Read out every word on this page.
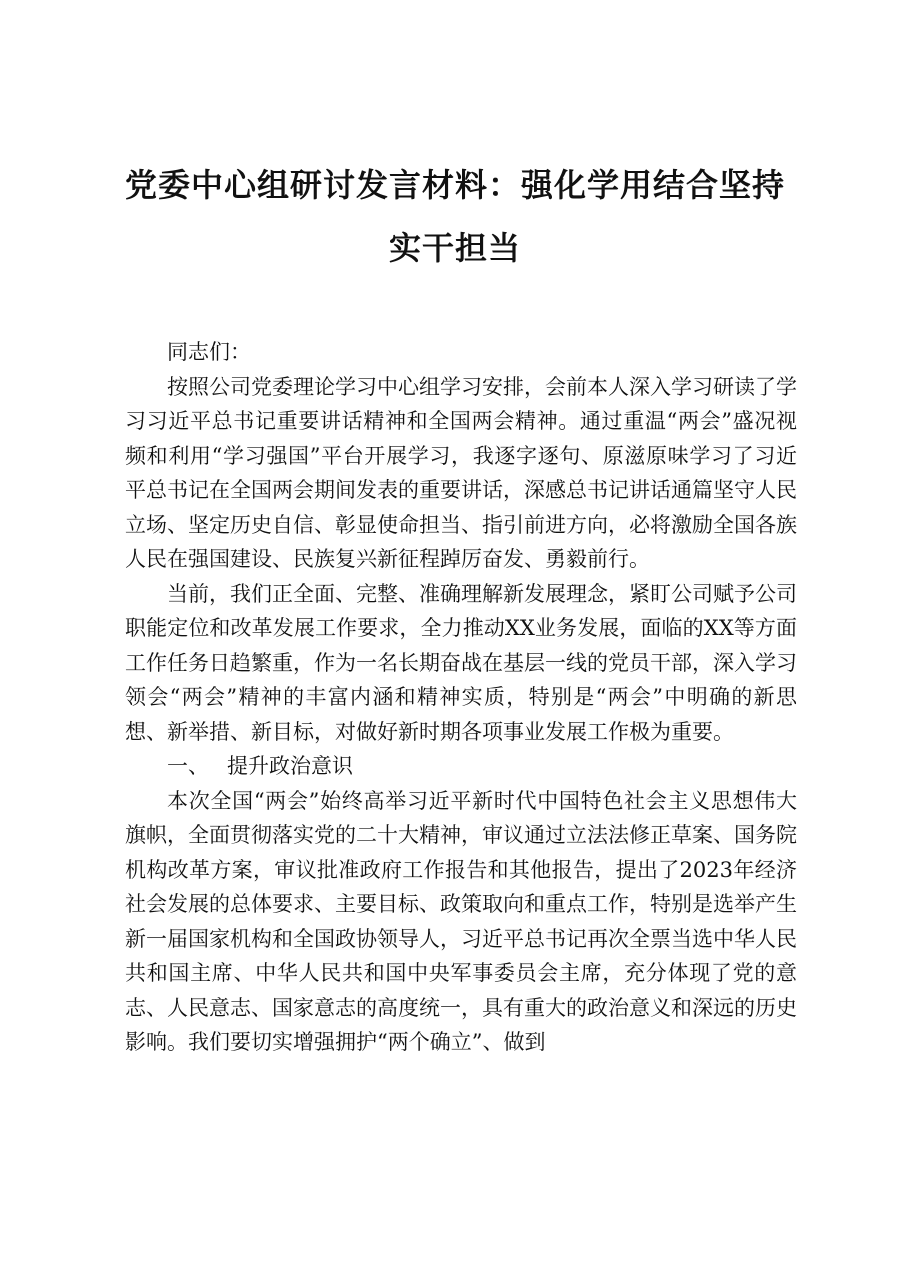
党委中心组研讨发言材料：强化学用结合坚持
实干担当

同志们：

按照公司党委理论学习中心组学习安排，会前本人深入学习研读了学习习近平总书记重要讲话精神和全国两会精神。通过重温“两会”盛况视频和利用“学习强国”平台开展学习，我逐字逐句、原滋原味学习了习近平总书记在全国两会期间发表的重要讲话，深感总书记讲话通篇坚守人民立场、坚定历史自信、彰显使命担当、指引前进方向，必将激励全国各族人民在强国建设、民族复兴新征程踔厉奋发、勇毅前行。

当前，我们正全面、完整、准确理解新发展理念，紧盯公司赋予公司职能定位和改革发展工作要求，全力推动XX业务发展，面临的XX等方面工作任务日趋繁重，作为一名长期奋战在基层一线的党员干部，深入学习领会“两会”精神的丰富内涵和精神实质，特别是“两会”中明确的新思想、新举措、新目标，对做好新时期各项事业发展工作极为重要。

一、 提升政治意识

本次全国“两会”始终高举习近平新时代中国特色社会主义思想伟大旗帜，全面贯彻落实党的二十大精神，审议通过立法法修正草案、国务院机构改革方案，审议批准政府工作报告和其他报告，提出了2023年经济社会发展的总体要求、主要目标、政策取向和重点工作，特别是选举产生新一届国家机构和全国政协领导人，习近平总书记再次全票当选中华人民共和国主席、中华人民共和国中央军事委员会主席，充分体现了党的意志、人民意志、国家意志的高度统一，具有重大的政治意义和深远的历史影响。我们要切实增强拥护“两个确立”、做到
